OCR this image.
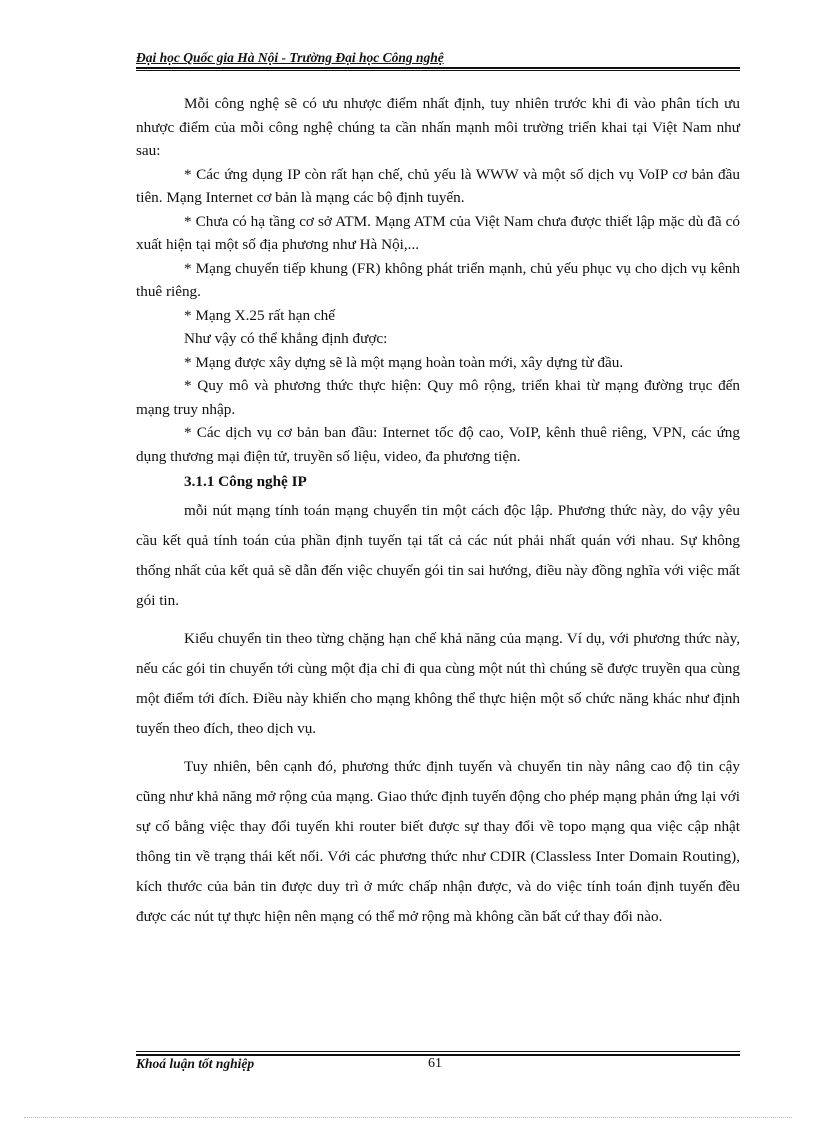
Đại học Quốc gia Hà Nội - Trường Đại học Công nghệ

Mỗi công nghệ sẽ có ưu nhược điểm nhất định, tuy nhiên trước khi đi vào phân tích ưu nhược điểm của mỗi công nghệ chúng ta cần nhấn mạnh môi trường triển khai tại Việt Nam như sau:

* Các ứng dụng IP còn rất hạn chế, chủ yếu là WWW và một số dịch vụ VoIP cơ bản đầu tiên. Mạng Internet cơ bản là mạng các bộ định tuyến.

* Chưa có hạ tầng cơ sở ATM. Mạng ATM của Việt Nam chưa được thiết lập mặc dù đã có xuất hiện tại một số địa phương như Hà Nội,...

* Mạng chuyển tiếp khung (FR) không phát triển mạnh, chủ yếu phục vụ cho dịch vụ kênh thuê riêng.

* Mạng X.25 rất hạn chế

Như vậy có thể khẳng định được:

* Mạng được xây dựng sẽ là một mạng hoàn toàn mới, xây dựng từ đầu.

* Quy mô và phương thức thực hiện: Quy mô rộng, triển khai từ mạng đường trục đến mạng truy nhập.

* Các dịch vụ cơ bản ban đầu: Internet tốc độ cao, VoIP, kênh thuê riêng, VPN, các ứng dụng thương mại điện tử, truyền số liệu, video, đa phương tiện.

3.1.1 Công nghệ IP

mỗi nút mạng tính toán mạng chuyển tin một cách độc lập. Phương thức này, do vậy yêu cầu kết quả tính toán của phần định tuyến tại tất cả các nút phải nhất quán với nhau. Sự không thống nhất của kết quả sẽ dẫn đến việc chuyển gói tin sai hướng, điều này đồng nghĩa với việc mất gói tin.

Kiểu chuyển tin theo từng chặng hạn chế khả năng của mạng. Ví dụ, với phương thức này, nếu các gói tin chuyển tới cùng một địa chỉ đi qua cùng một nút thì chúng sẽ được truyền qua cùng một điểm tới đích. Điều này khiến cho mạng không thể thực hiện một số chức năng khác như định tuyến theo đích, theo dịch vụ.

Tuy nhiên, bên cạnh đó, phương thức định tuyến và chuyển tin này nâng cao độ tin cậy cũng như khả năng mở rộng của mạng. Giao thức định tuyến động cho phép mạng phản ứng lại với sự cố bằng việc thay đổi tuyến khi router biết được sự thay đổi về topo mạng qua việc cập nhật thông tin về trạng thái kết nối. Với các phương thức như CDIR (Classless Inter Domain Routing), kích thước của bản tin được duy trì ở mức chấp nhận được, và do việc tính toán định tuyến đều được các nút tự thực hiện nên mạng có thể mở rộng mà không cần bất cứ thay đổi nào.

Khoá luận tốt nghiệp	61
